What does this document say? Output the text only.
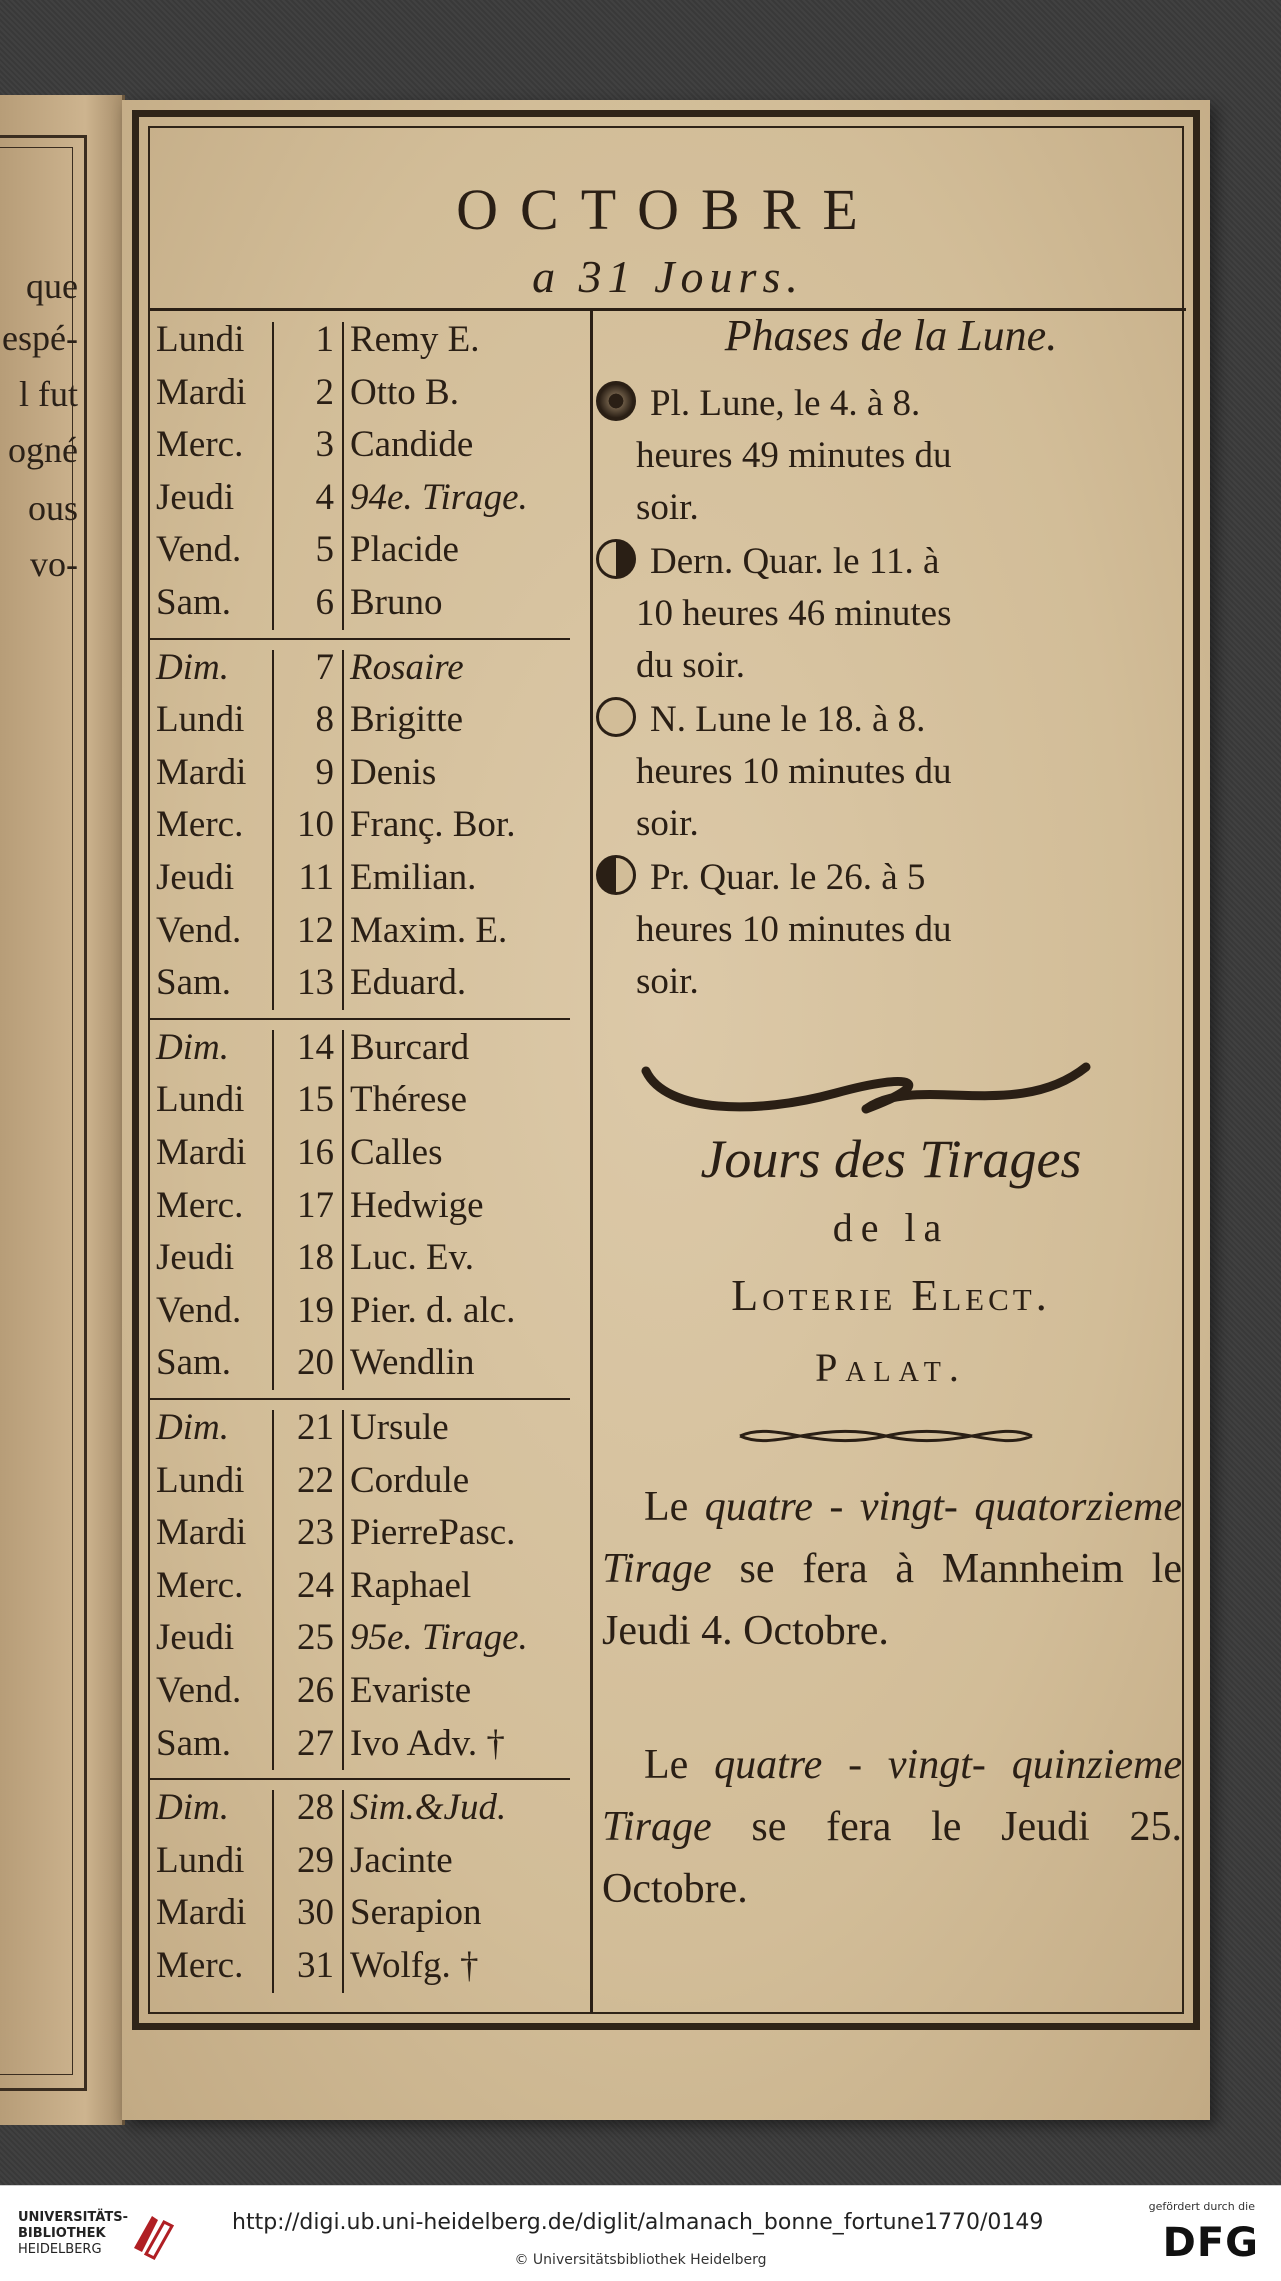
que
espé-
l fut
ogné
ous
vo-
OCTOBRE
a 31 Jours.
Lundi	1 Remy E.
Mardi	2 Otto B.
Merc.	3 Candide
Jeudi	4 94e. Tirage.
Vend.	5 Placide
Sam.	6 Bruno
Dim.	7 Rosaire
Lundi	8 Brigitte
Mardi	9 Denis
Merc.	10 Franç. Bor.
Jeudi	11 Emilian.
Vend.	12 Maxim. E.
Sam.	13 Eduard.
Dim.	14 Burcard
Lundi	15 Thérese
Mardi	16 Calles
Merc.	17 Hedwige
Jeudi	18 Luc. Ev.
Vend.	19 Pier. d. alc.
Sam.	20 Wendlin
Dim.	21 Ursule
Lundi	22 Cordule
Mardi	23 PierrePasc.
Merc.	24 Raphael
Jeudi	25 95e. Tirage.
Vend.	26 Evariste
Sam.	27 Ivo Adv. †
Dim.	28 Sim.&Jud.
Lundi	29 Jacinte
Mardi	30 Serapion
Merc.	31 Wolfg. †
Phases de la Lune.
Pl. Lune, le 4. à 8.
heures 49 minutes du
soir.
Dern. Quar. le 11. à
10 heures 46 minutes
du soir.
N. Lune le 18. à 8.
heures 10 minutes du
soir.
Pr. Quar. le 26. à 5
heures 10 minutes du
soir.
Jours des Tirages
de la
Loterie Elect.
Palat.
 Le quatre - vingt- quatorzieme Tirage se fera à Mannheim le Jeudi 4. Octobre.
 Le quatre - vingt- quinzieme Tirage se fera le Jeudi 25. Octobre.
UNIVERSITÄTS-
BIBLIOTHEK
HEIDELBERG
http://digi.ub.uni-heidelberg.de/diglit/almanach_bonne_fortune1770/0149
© Universitätsbibliothek Heidelberg
gefördert durch die
DFG
